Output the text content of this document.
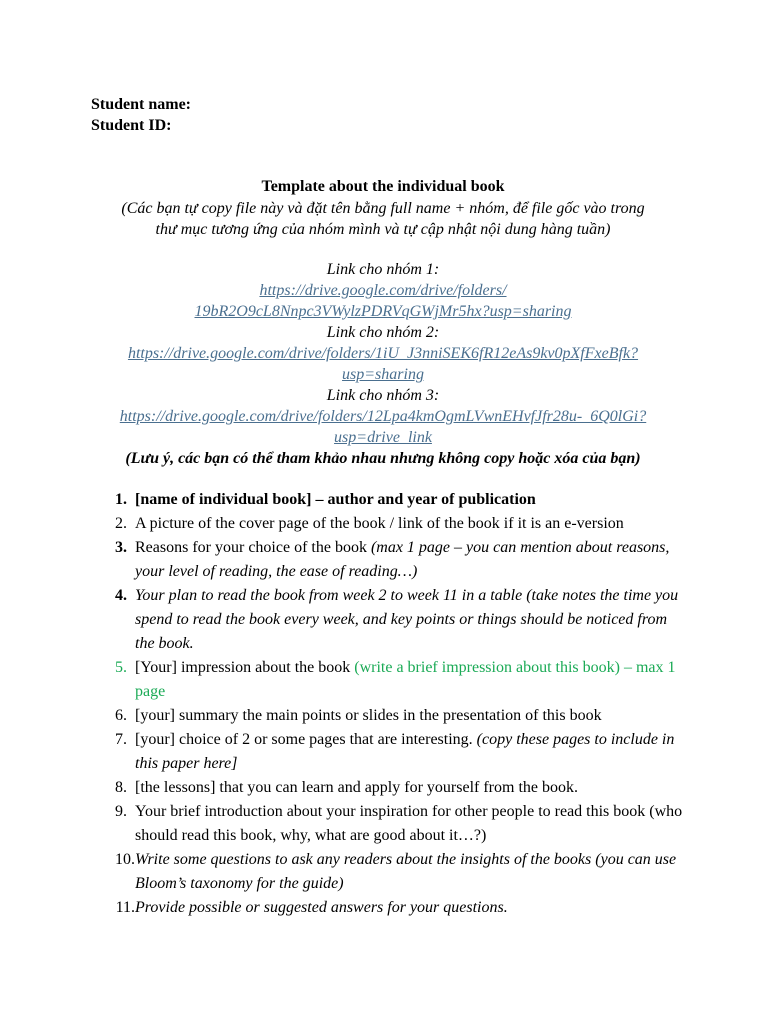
Student name:
Student ID:
Template about the individual book
(Các bạn tự copy file này và đặt tên bằng full name + nhóm, để file gốc vào trong
thư mục tương ứng của nhóm mình và tự cập nhật nội dung hàng tuần)
Link cho nhóm 1:
https://drive.google.com/drive/folders/
19bR2O9cL8Nnpc3VWylzPDRVqGWjMr5hx?usp=sharing
Link cho nhóm 2:
https://drive.google.com/drive/folders/1iU_J3nniSEK6fR12eAs9kv0pXfFxeBfk?
usp=sharing
Link cho nhóm 3:
https://drive.google.com/drive/folders/12Lpa4kmOgmLVwnEHvfJfr28u-_6Q0lGi?
usp=drive_link
(Lưu ý, các bạn có thể tham khảo nhau nhưng không copy hoặc xóa của bạn)
1. [name of individual book] – author and year of publication
2. A picture of the cover page of the book / link of the book if it is an e-version
3. Reasons for your choice of the book (max 1 page – you can mention about reasons, your level of reading, the ease of reading…)
4. Your plan to read the book from week 2 to week 11 in a table (take notes the time you spend to read the book every week, and key points or things should be noticed from the book.
5. [Your] impression about the book (write a brief impression about this book) – max 1 page
6. [your] summary the main points or slides in the presentation of this book
7. [your] choice of 2 or some pages that are interesting. (copy these pages to include in this paper here]
8. [the lessons] that you can learn and apply for yourself from the book.
9. Your brief introduction about your inspiration for other people to read this book (who should read this book, why, what are good about it…?)
10. Write some questions to ask any readers about the insights of the books (you can use Bloom’s taxonomy for the guide)
11. Provide possible or suggested answers for your questions.
